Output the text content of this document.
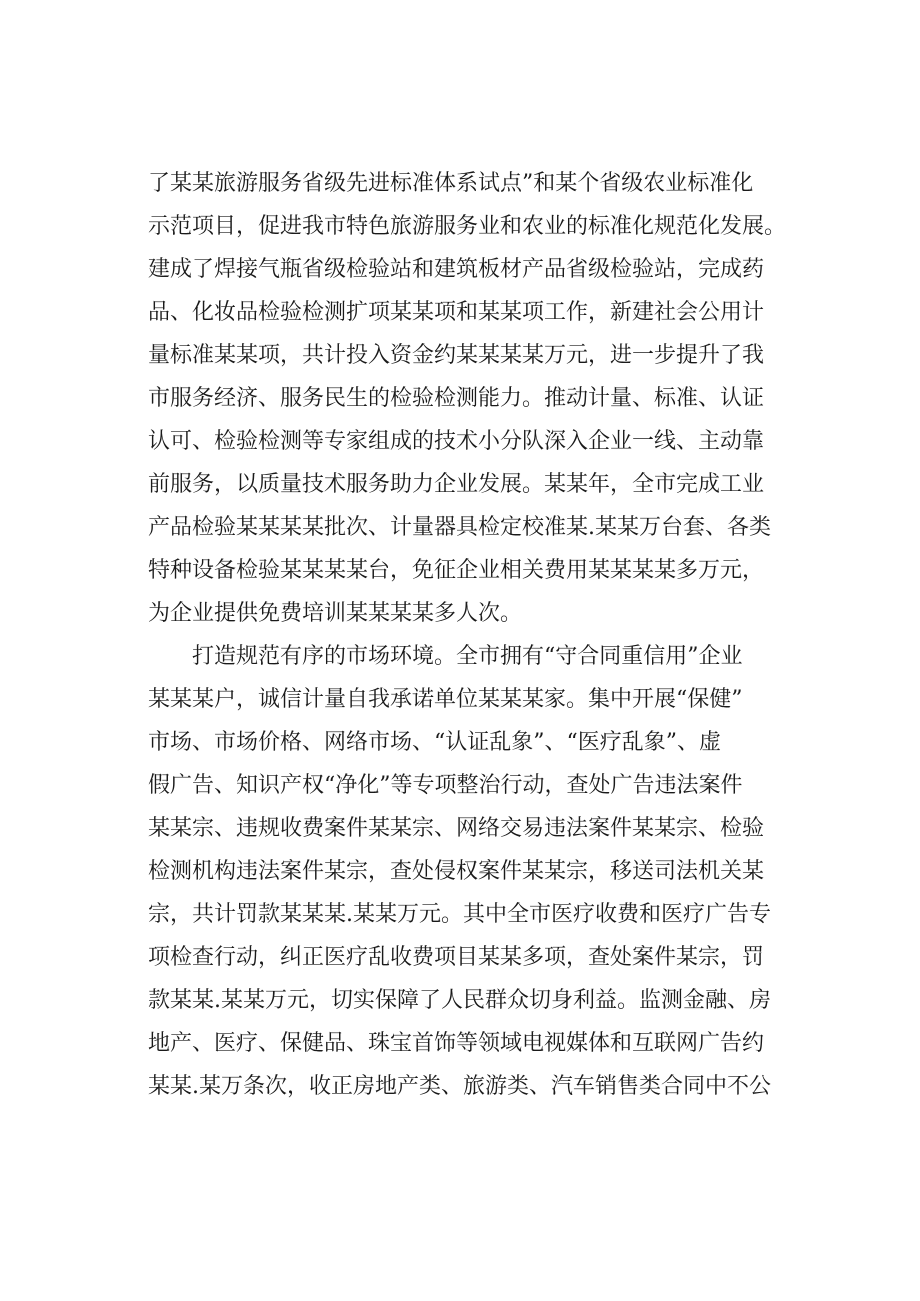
了某某旅游服务省级先进标准体系试点”和某个省级农业标准化
示范项目，促进我市特色旅游服务业和农业的标准化规范化发展。
建成了焊接气瓶省级检验站和建筑板材产品省级检验站，完成药
品、化妆品检验检测扩项某某项和某某项工作，新建社会公用计
量标准某某项，共计投入资金约某某某某万元，进一步提升了我
市服务经济、服务民生的检验检测能力。推动计量、标准、认证
认可、检验检测等专家组成的技术小分队深入企业一线、主动靠
前服务，以质量技术服务助力企业发展。某某年，全市完成工业
产品检验某某某某批次、计量器具检定校准某.某某万台套、各类
特种设备检验某某某某台，免征企业相关费用某某某某多万元，
为企业提供免费培训某某某某多人次。
打造规范有序的市场环境。全市拥有“守合同重信用”企业
某某某户，诚信计量自我承诺单位某某某家。集中开展“保健”
市场、市场价格、网络市场、“认证乱象”、“医疗乱象”、虚
假广告、知识产权“净化”等专项整治行动，查处广告违法案件
某某宗、违规收费案件某某宗、网络交易违法案件某某宗、检验
检测机构违法案件某宗，查处侵权案件某某宗，移送司法机关某
宗，共计罚款某某某.某某万元。其中全市医疗收费和医疗广告专
项检查行动，纠正医疗乱收费项目某某多项，查处案件某宗，罚
款某某.某某万元，切实保障了人民群众切身利益。监测金融、房
地产、医疗、保健品、珠宝首饰等领域电视媒体和互联网广告约
某某.某万条次，收正房地产类、旅游类、汽车销售类合同中不公
